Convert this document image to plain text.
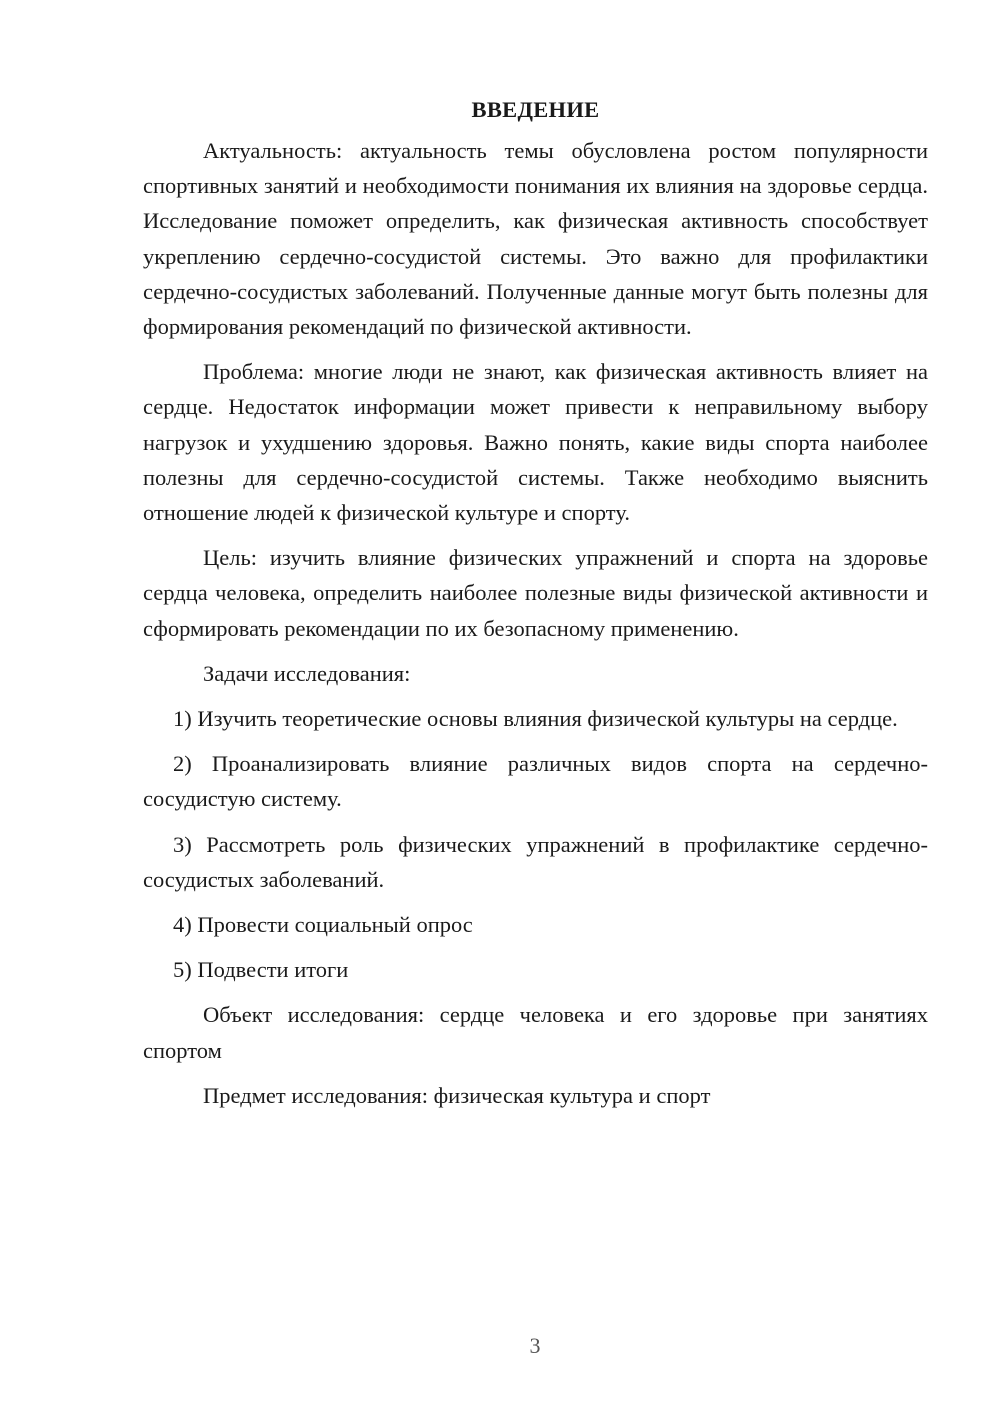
ВВЕДЕНИЕ

Актуальность: актуальность темы обусловлена ростом популярности спортивных занятий и необходимости понимания их влияния на здоровье сердца. Исследование поможет определить, как физическая активность способствует укреплению сердечно-сосудистой системы. Это важно для профилактики сердечно-сосудистых заболеваний. Полученные данные могут быть полезны для формирования рекомендаций по физической активности.

Проблема: многие люди не знают, как физическая активность влияет на сердце. Недостаток информации может привести к неправильному выбору нагрузок и ухудшению здоровья. Важно понять, какие виды спорта наиболее полезны для сердечно-сосудистой системы. Также необходимо выяснить отношение людей к физической культуре и спорту.

Цель: изучить влияние физических упражнений и спорта на здоровье сердца человека, определить наиболее полезные виды физической активности и сформировать рекомендации по их безопасному применению.

Задачи исследования:

1) Изучить теоретические основы влияния физической культуры на сердце.

2) Проанализировать влияние различных видов спорта на сердечно-сосудистую систему.

3) Рассмотреть роль физических упражнений в профилактике сердечно-сосудистых заболеваний.

4) Провести социальный опрос

5) Подвести итоги

Объект исследования: сердце человека и его здоровье при занятиях спортом

Предмет исследования: физическая культура и спорт

3
